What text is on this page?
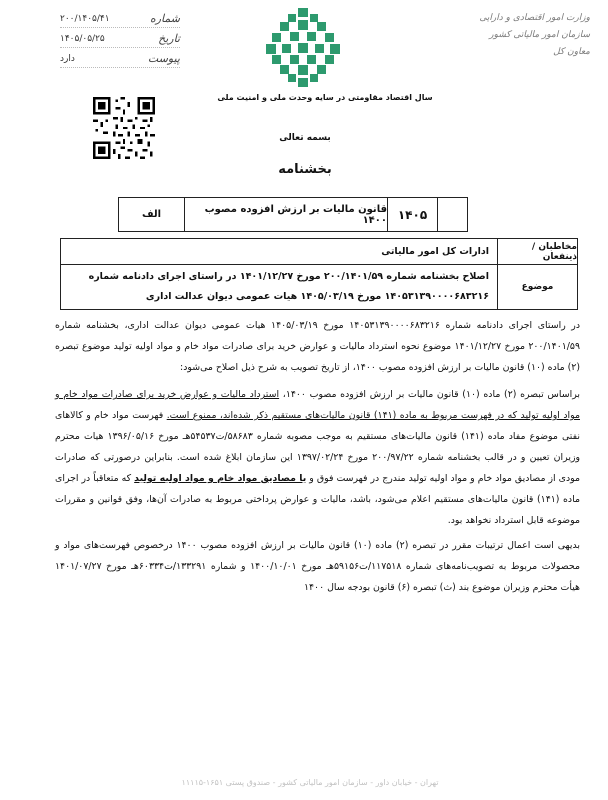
وزارت امور اقتصادی و دارایی
سازمان امور مالیاتی کشور
معاون کل
شماره
۲۰۰/۱۴۰۵/۴۱
تاریخ
۱۴۰۵/۰۵/۲۵
پیوست
دارد
سال اقتصاد مقاومتی در سایه وحدت ملی و امنیت ملی
بسمه تعالی
بخشنامه
۱۴۰۵
قانون مالیات بر ارزش افزوده مصوب ۱۴۰۰
الف
مخاطبان / ذینفعان
ادارات کل امور مالیاتی
موضوع
اصلاح بخشنامه شماره ۲۰۰/۱۴۰۱/۵۹ مورخ ۱۴۰۱/۱۲/۲۷ در راستای اجرای دادنامه شماره
۱۴۰۵۳۱۳۹۰۰۰۰۶۸۳۲۱۶ مورخ ۱۴۰۵/۰۳/۱۹ هیات عمومی دیوان عدالت اداری

در راستای اجرای دادنامه شماره ۱۴۰۵۳۱۳۹۰۰۰۰۶۸۳۲۱۶ مورخ ۱۴۰۵/۰۳/۱۹ هیات عمومی دیوان عدالت اداری، بخشنامه شماره ۲۰۰/۱۴۰۱/۵۹ مورخ ۱۴۰۱/۱۲/۲۷ موضوع نحوه استرداد مالیات و عوارض خرید برای صادرات مواد خام و مواد اولیه تولید موضوع تبصره (۲) ماده (۱۰) قانون مالیات بر ارزش افزوده مصوب ۱۴۰۰، از تاریخ تصویب به شرح ذیل اصلاح می‌شود:

براساس تبصره (۲) ماده (۱۰) قانون مالیات بر ارزش افزوده مصوب ۱۴۰۰، استرداد مالیات و عوارض خرید برای صادرات مواد خام و مواد اولیه تولید که در فهرست مربوط به ماده (۱۴۱) قانون مالیات‌های مستقیم ذکر شده‌اند، ممنوع است. فهرست مواد خام و کالاهای نفتی موضوع مفاد ماده (۱۴۱) قانون مالیات‌های مستقیم به موجب مصوبه شماره ۵۸۶۸۳/ت۵۴۵۳۷هـ مورخ ۱۳۹۶/۰۵/۱۶ هیات محترم وزیران تعیین و در قالب بخشنامه شماره ۲۰۰/۹۷/۲۲ مورخ ۱۳۹۷/۰۲/۲۴ این سازمان ابلاغ شده است. بنابراین درصورتی که صادرات مودی از مصادیق مواد خام و مواد اولیه تولید مندرج در فهرست فوق و یا مصادیق مواد خام و مواد اولیه تولید که متعاقباً در اجرای ماده (۱۴۱) قانون مالیات‌های مستقیم اعلام می‌شود، باشد، مالیات و عوارض پرداختی مربوط به صادرات آن‌ها، وفق قوانین و مقررات موضوعه قابل استرداد نخواهد بود.

بدیهی است اعمال ترتیبات مقرر در تبصره (۲) ماده (۱۰) قانون مالیات بر ارزش افزوده مصوب ۱۴۰۰ درخصوص فهرست‌های مواد و محصولات مربوط به تصویب‌نامه‌های شماره ۱۱۷۵۱۸/ت۵۹۱۵۶هـ مورخ ۱۴۰۰/۱۰/۰۱ و شماره ۱۳۳۲۹۱/ت۶۰۳۳۴هـ مورخ ۱۴۰۱/۰۷/۲۷ هیأت محترم وزیران موضوع بند (ث) تبصره (۶) قانون بودجه سال ۱۴۰۰

تهران - خیابان داور - سازمان امور مالیاتی کشور - صندوق پستی ۱۶۵۱-۱۱۱۱۵
